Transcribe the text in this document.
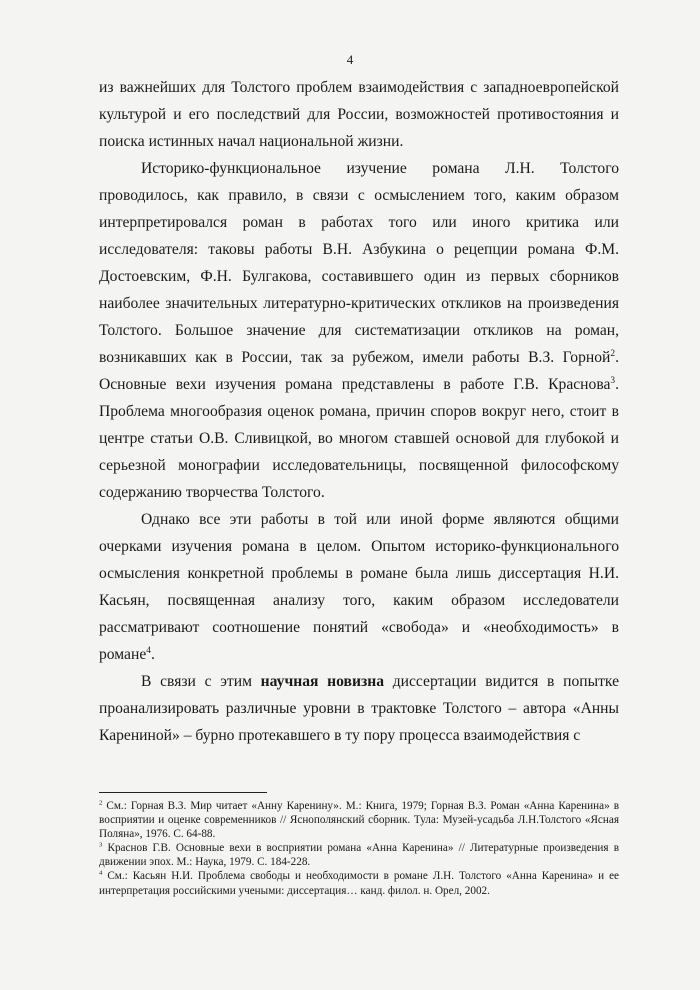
4

из важнейших для Толстого проблем взаимодействия с западноевропейской культурой и его последствий для России, возможностей противостояния и поиска истинных начал национальной жизни.

Историко-функциональное изучение романа Л.Н. Толстого проводилось, как правило, в связи с осмыслением того, каким образом интерпретировался роман в работах того или иного критика или исследователя: таковы работы В.Н. Азбукина о рецепции романа Ф.М. Достоевским, Ф.Н. Булгакова, составившего один из первых сборников наиболее значительных литературно-критических откликов на произведения Толстого. Большое значение для систематизации откликов на роман, возникавших как в России, так за рубежом, имели работы В.З. Горной$^2$. Основные вехи изучения романа представлены в работе Г.В. Краснова$^3$. Проблема многообразия оценок романа, причин споров вокруг него, стоит в центре статьи О.В. Сливицкой, во многом ставшей основой для глубокой и серьезной монографии исследовательницы, посвященной философскому содержанию творчества Толстого.

Однако все эти работы в той или иной форме являются общими очерками изучения романа в целом. Опытом историко-функционального осмысления конкретной проблемы в романе была лишь диссертация Н.И. Касьян, посвященная анализу того, каким образом исследователи рассматривают соотношение понятий «свобода» и «необходимость» в романе$^4$.

В связи с этим научная новизна диссертации видится в попытке проанализировать различные уровни в трактовке Толстого – автора «Анны Карениной» – бурно протекавшего в ту пору процесса взаимодействия с

$^2$ См.: Горная В.З. Мир читает «Анну Каренину». М.: Книга, 1979; Горная В.З. Роман «Анна Каренина» в восприятии и оценке современников // Яснополянский сборник. Тула: Музей-усадьба Л.Н.Толстого «Ясная Поляна», 1976. С. 64-88.

$^3$ Краснов Г.В. Основные вехи в восприятии романа «Анна Каренина» // Литературные произведения в движении эпох. М.: Наука, 1979. С. 184-228.

$^4$ См.: Касьян Н.И. Проблема свободы и необходимости в романе Л.Н. Толстого «Анна Каренина» и ее интерпретация российскими учеными: диссертация… канд. филол. н. Орел, 2002.
